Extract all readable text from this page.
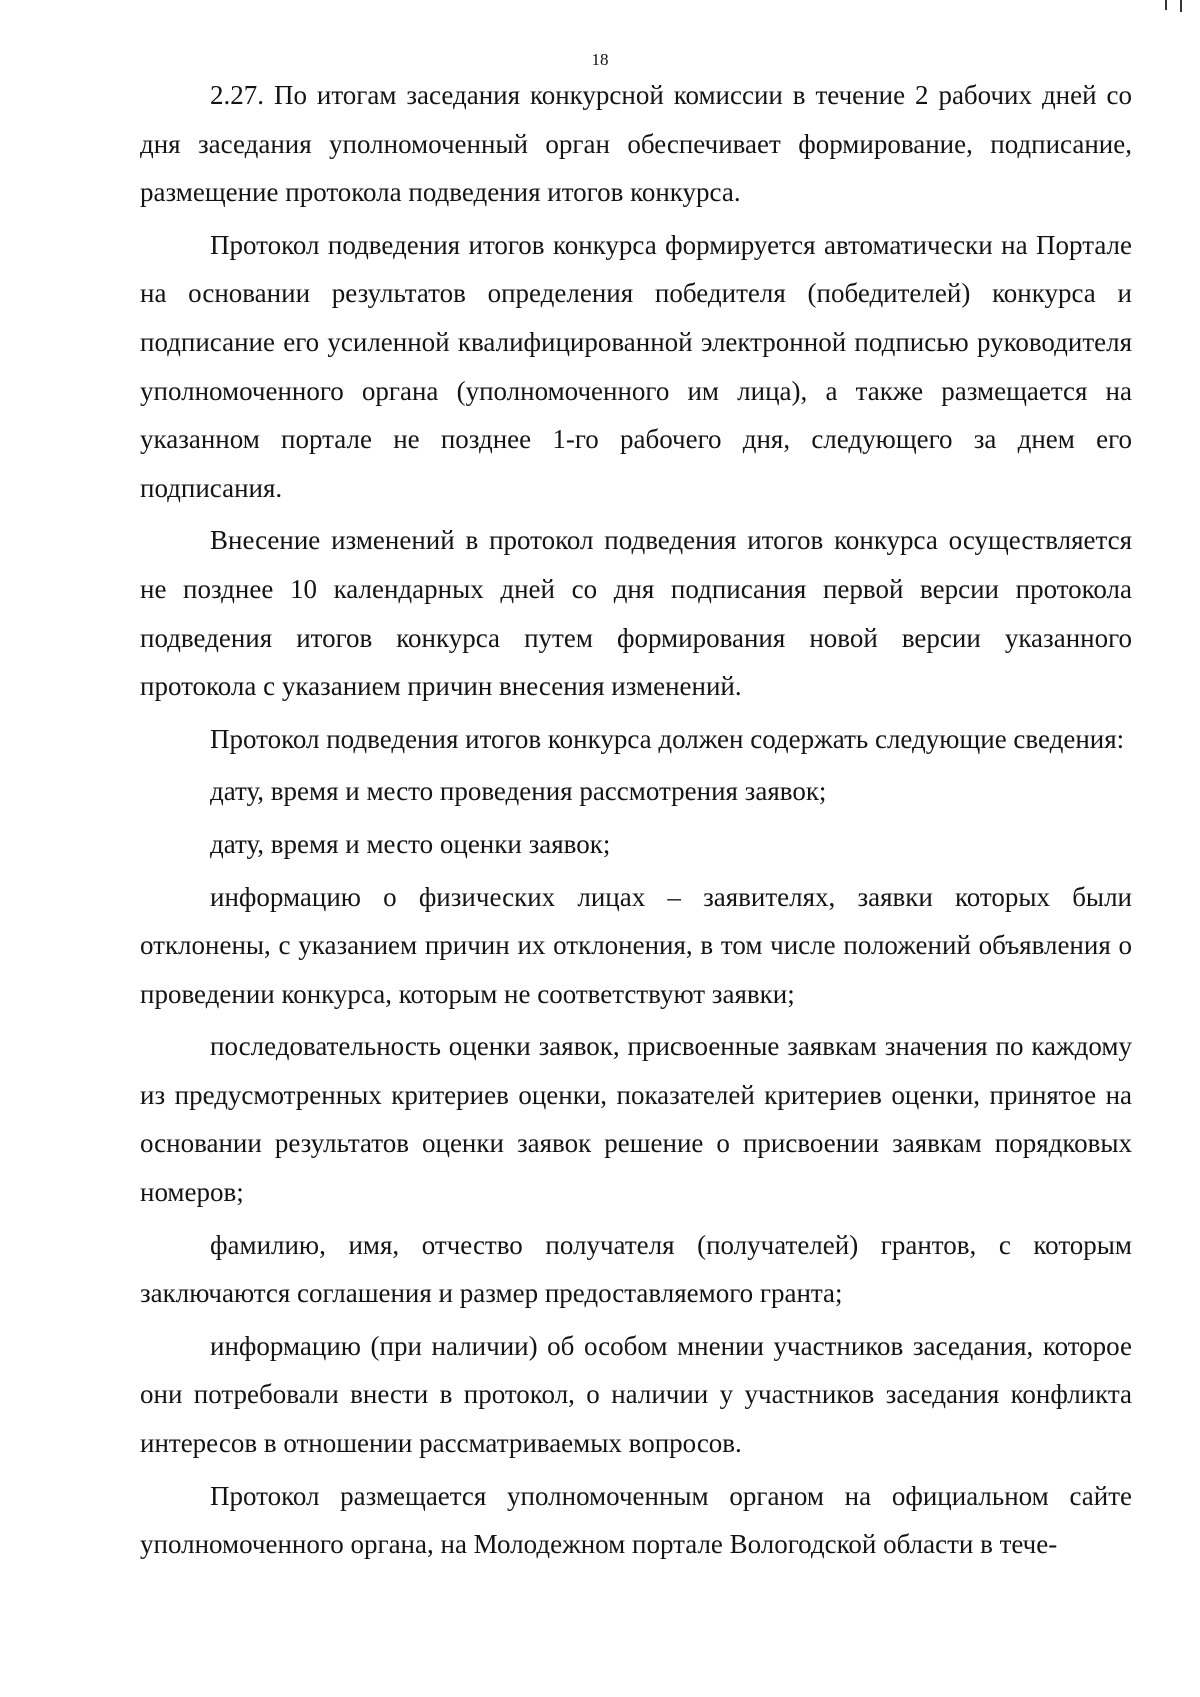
18

2.27. По итогам заседания конкурсной комиссии в течение 2 рабочих дней со дня заседания уполномоченный орган обеспечивает формирование, подписание, размещение протокола подведения итогов конкурса.

Протокол подведения итогов конкурса формируется автоматически на Портале на основании результатов определения победителя (победителей) конкурса и подписание его усиленной квалифицированной электронной подписью руководителя уполномоченного органа (уполномоченного им лица), а также размещается на указанном портале не позднее 1-го рабочего дня, следующего за днем его подписания.

Внесение изменений в протокол подведения итогов конкурса осуществляется не позднее 10 календарных дней со дня подписания первой версии протокола подведения итогов конкурса путем формирования новой версии указанного протокола с указанием причин внесения изменений.

Протокол подведения итогов конкурса должен содержать следующие сведения:

дату, время и место проведения рассмотрения заявок;

дату, время и место оценки заявок;

информацию о физических лицах – заявителях, заявки которых были отклонены, с указанием причин их отклонения, в том числе положений объявления о проведении конкурса, которым не соответствуют заявки;

последовательность оценки заявок, присвоенные заявкам значения по каждому из предусмотренных критериев оценки, показателей критериев оценки, принятое на основании результатов оценки заявок решение о присвоении заявкам порядковых номеров;

фамилию, имя, отчество получателя (получателей) грантов, с которым заключаются соглашения и размер предоставляемого гранта;

информацию (при наличии) об особом мнении участников заседания, которое они потребовали внести в протокол, о наличии у участников заседания конфликта интересов в отношении рассматриваемых вопросов.

Протокол размещается уполномоченным органом на официальном сайте уполномоченного органа, на Молодежном портале Вологодской области в тече-
